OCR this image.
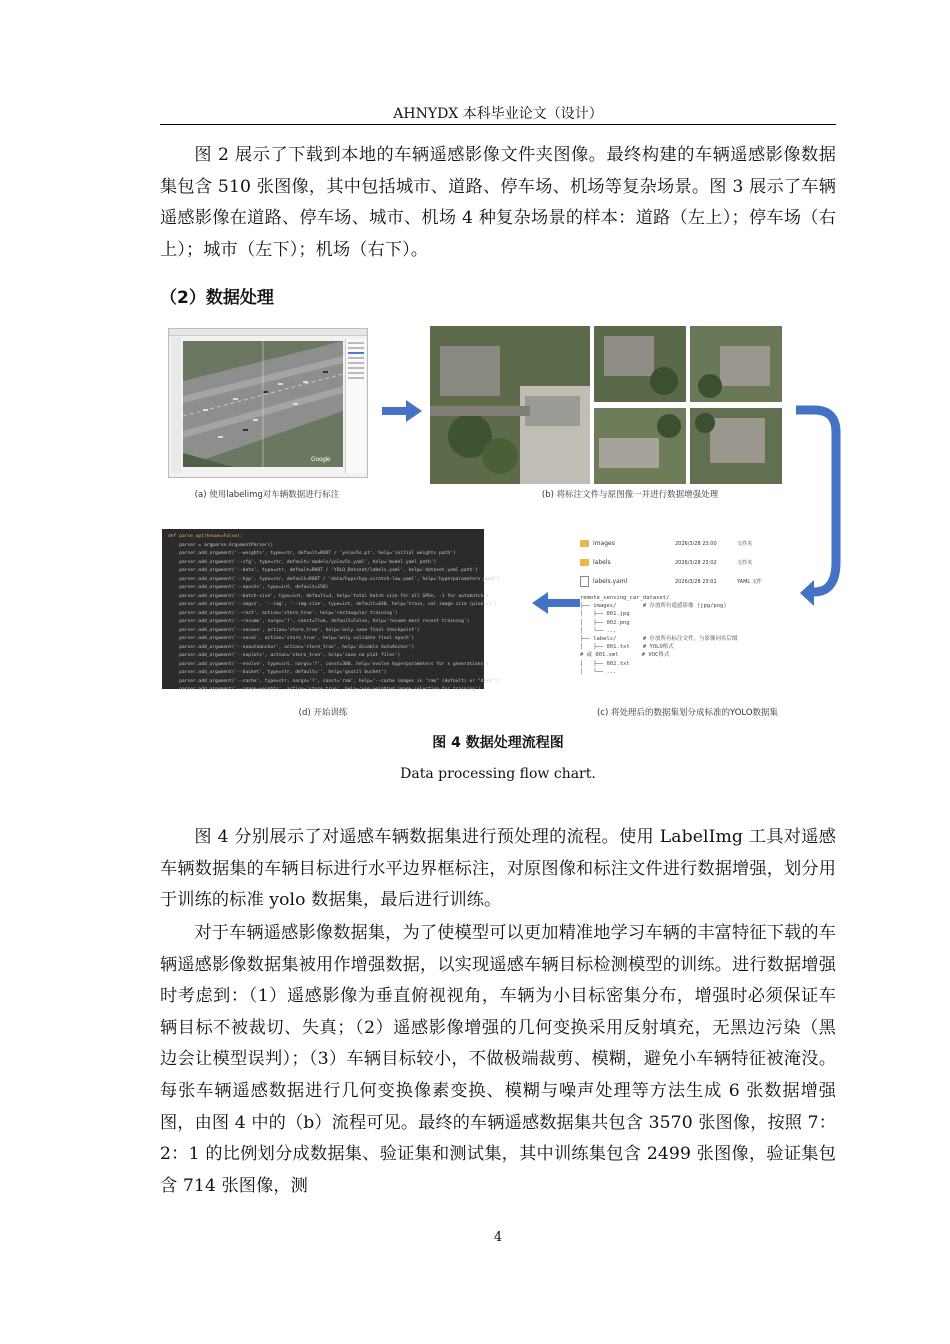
AHNYDX 本科毕业论文（设计）

图 2 展示了下载到本地的车辆遥感影像文件夹图像。最终构建的车辆遥感影像数据集包含 510 张图像，其中包括城市、道路、停车场、机场等复杂场景。图 3 展示了车辆遥感影像在道路、停车场、城市、机场 4 种复杂场景的样本：道路（左上）；停车场（右上）；城市（左下）；机场（右下）。

（2）数据处理
Google
(a) 使用labelimg对车辆数据进行标注	(b) 将标注文件与原图像一并进行数据增强处理
def parse_opt(known=False):
parser = argparse.ArgumentParser()
parser.add_argument('--weights', type=str, default=ROOT / 'yolov5s.pt', help='initial weights path')
parser.add_argument('--cfg', type=str, default='models/yolov5s.yaml', help='model.yaml path')
parser.add_argument('--data', type=str, default=ROOT / 'YOLO_Dataset/labels.yaml', help='dataset.yaml path')
parser.add_argument('--hyp', type=str, default=ROOT / 'data/hyps/hyp.scratch-low.yaml', help='hyperparameters path')
parser.add_argument('--epochs', type=int, default=150)
parser.add_argument('--batch-size', type=int, default=4, help='total batch size for all GPUs, -1 for autobatch')
parser.add_argument('--imgsz', '--img', '--img-size', type=int, default=640, help='train, val image size (pixels)')
parser.add_argument('--rect', action='store_true', help='rectangular training')
parser.add_argument('--resume', nargs='?', const=True, default=False, help='resume most recent training')
parser.add_argument('--nosave', action='store_true', help='only save final checkpoint')
parser.add_argument('--noval', action='store_true', help='only validate final epoch')
parser.add_argument('--noautoanchor', action='store_true', help='disable AutoAnchor')
parser.add_argument('--noplots', action='store_true', help='save no plot files')
parser.add_argument('--evolve', type=int, nargs='?', const=300, help='evolve hyperparameters for x generations')
parser.add_argument('--bucket', type=str, default='', help='gsutil bucket')
parser.add_argument('--cache', type=str, nargs='?', const='ram', help='--cache images in "ram" (default) or "disk"')
parser.add_argument('--image-weights', action='store_true', help='use weighted image selection for training')
(d) 开始训练
images	2026/3/28 23:00	文件夹
labels	2026/3/28 23:02	文件夹
labels.yaml	2026/3/28 23:01	YAML 文件
remote_sensing_car_dataset/
├── images/        # 存放所有遥感影像 (jpg/png)
│   ├── 001.jpg
│   ├── 002.png
│   └── ...
├── labels/        # 存放所有标注文件，与影像同名后缀
│   ├── 001.txt    # YOLO格式
# 或 001.xml       # VOC格式
│   ├── 002.txt
│   └── ...
(c) 将处理后的数据集划分成标准的YOLO数据集
图 4 数据处理流程图
Data processing flow chart.

图 4 分别展示了对遥感车辆数据集进行预处理的流程。使用 LabelImg 工具对遥感车辆数据集的车辆目标进行水平边界框标注，对原图像和标注文件进行数据增强，划分用于训练的标准 yolo 数据集，最后进行训练。

对于车辆遥感影像数据集，为了使模型可以更加精准地学习车辆的丰富特征下载的车辆遥感影像数据集被用作增强数据，以实现遥感车辆目标检测模型的训练。进行数据增强时考虑到：（1）遥感影像为垂直俯视视角，车辆为小目标密集分布，增强时必须保证车辆目标不被裁切、失真；（2）遥感影像增强的几何变换采用反射填充，无黑边污染（黑边会让模型误判）；（3）车辆目标较小，不做极端裁剪、模糊，避免小车辆特征被淹没。每张车辆遥感数据进行几何变换像素变换、模糊与噪声处理等方法生成 6 张数据增强图，由图 4 中的（b）流程可见。最终的车辆遥感数据集共包含 3570 张图像，按照 7：2：1 的比例划分成数据集、验证集和测试集，其中训练集包含 2499 张图像，验证集包含 714 张图像，测

4
